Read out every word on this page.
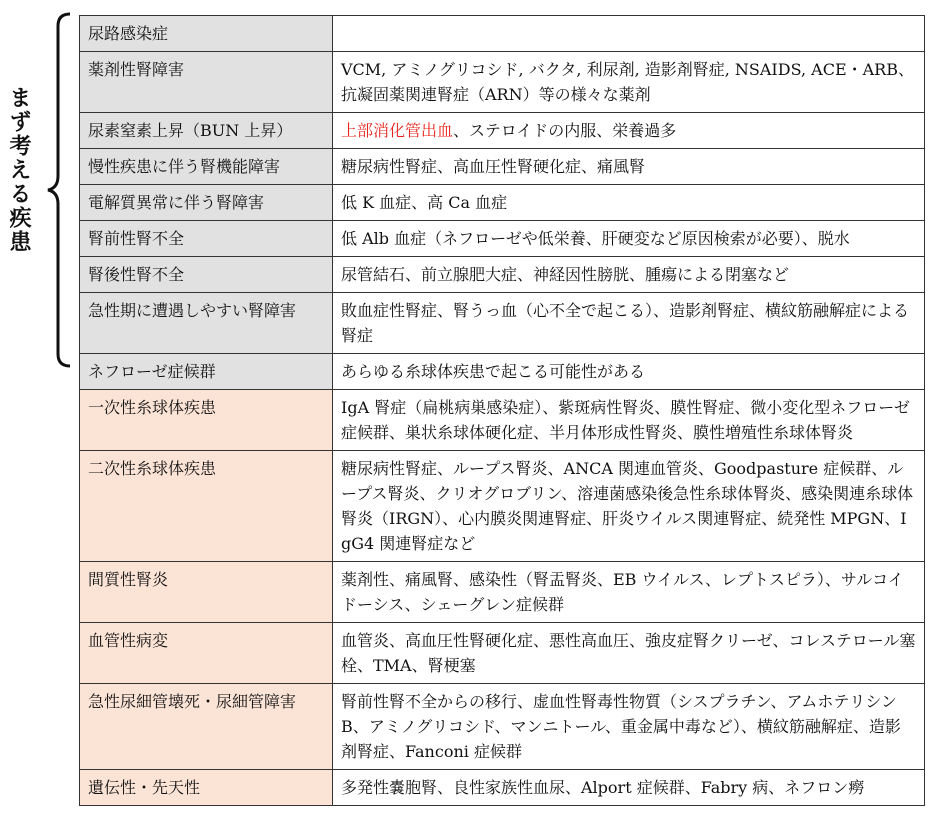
まず考える疾患
尿路感染症	
薬剤性腎障害	VCM, アミノグリコシド, バクタ, 利尿剤, 造影剤腎症, NSAIDS, ACE・ARB、抗凝固薬関連腎症（ARN）等の様々な薬剤
尿素窒素上昇（BUN 上昇）	上部消化管出血、ステロイドの内服、栄養過多
慢性疾患に伴う腎機能障害	糖尿病性腎症、高血圧性腎硬化症、痛風腎
電解質異常に伴う腎障害	低 K 血症、高 Ca 血症
腎前性腎不全	低 Alb 血症（ネフローゼや低栄養、肝硬変など原因検索が必要）、脱水
腎後性腎不全	尿管結石、前立腺肥大症、神経因性膀胱、腫瘍による閉塞など
急性期に遭遇しやすい腎障害	敗血症性腎症、腎うっ血（心不全で起こる）、造影剤腎症、横紋筋融解症による腎症
ネフローゼ症候群	あらゆる糸球体疾患で起こる可能性がある
一次性糸球体疾患	IgA 腎症（扁桃病巣感染症）、紫斑病性腎炎、膜性腎症、微小変化型ネフローゼ症候群、巣状糸球体硬化症、半月体形成性腎炎、膜性増殖性糸球体腎炎
二次性糸球体疾患	糖尿病性腎症、ループス腎炎、ANCA 関連血管炎、Goodpasture 症候群、ループス腎炎、クリオグロブリン、溶連菌感染後急性糸球体腎炎、感染関連糸球体腎炎（IRGN）、心内膜炎関連腎症、肝炎ウイルス関連腎症、続発性 MPGN、IgG4 関連腎症など
間質性腎炎	薬剤性、痛風腎、感染性（腎盂腎炎、EB ウイルス、レプトスピラ）、サルコイドーシス、シェーグレン症候群
血管性病変	血管炎、高血圧性腎硬化症、悪性高血圧、強皮症腎クリーゼ、コレステロール塞栓、TMA、腎梗塞
急性尿細管壊死・尿細管障害	腎前性腎不全からの移行、虚血性腎毒性物質（シスプラチン、アムホテリシン B、アミノグリコシド、マンニトール、重金属中毒など）、横紋筋融解症、造影剤腎症、Fanconi 症候群
遺伝性・先天性	多発性嚢胞腎、良性家族性血尿、Alport 症候群、Fabry 病、ネフロン癆
